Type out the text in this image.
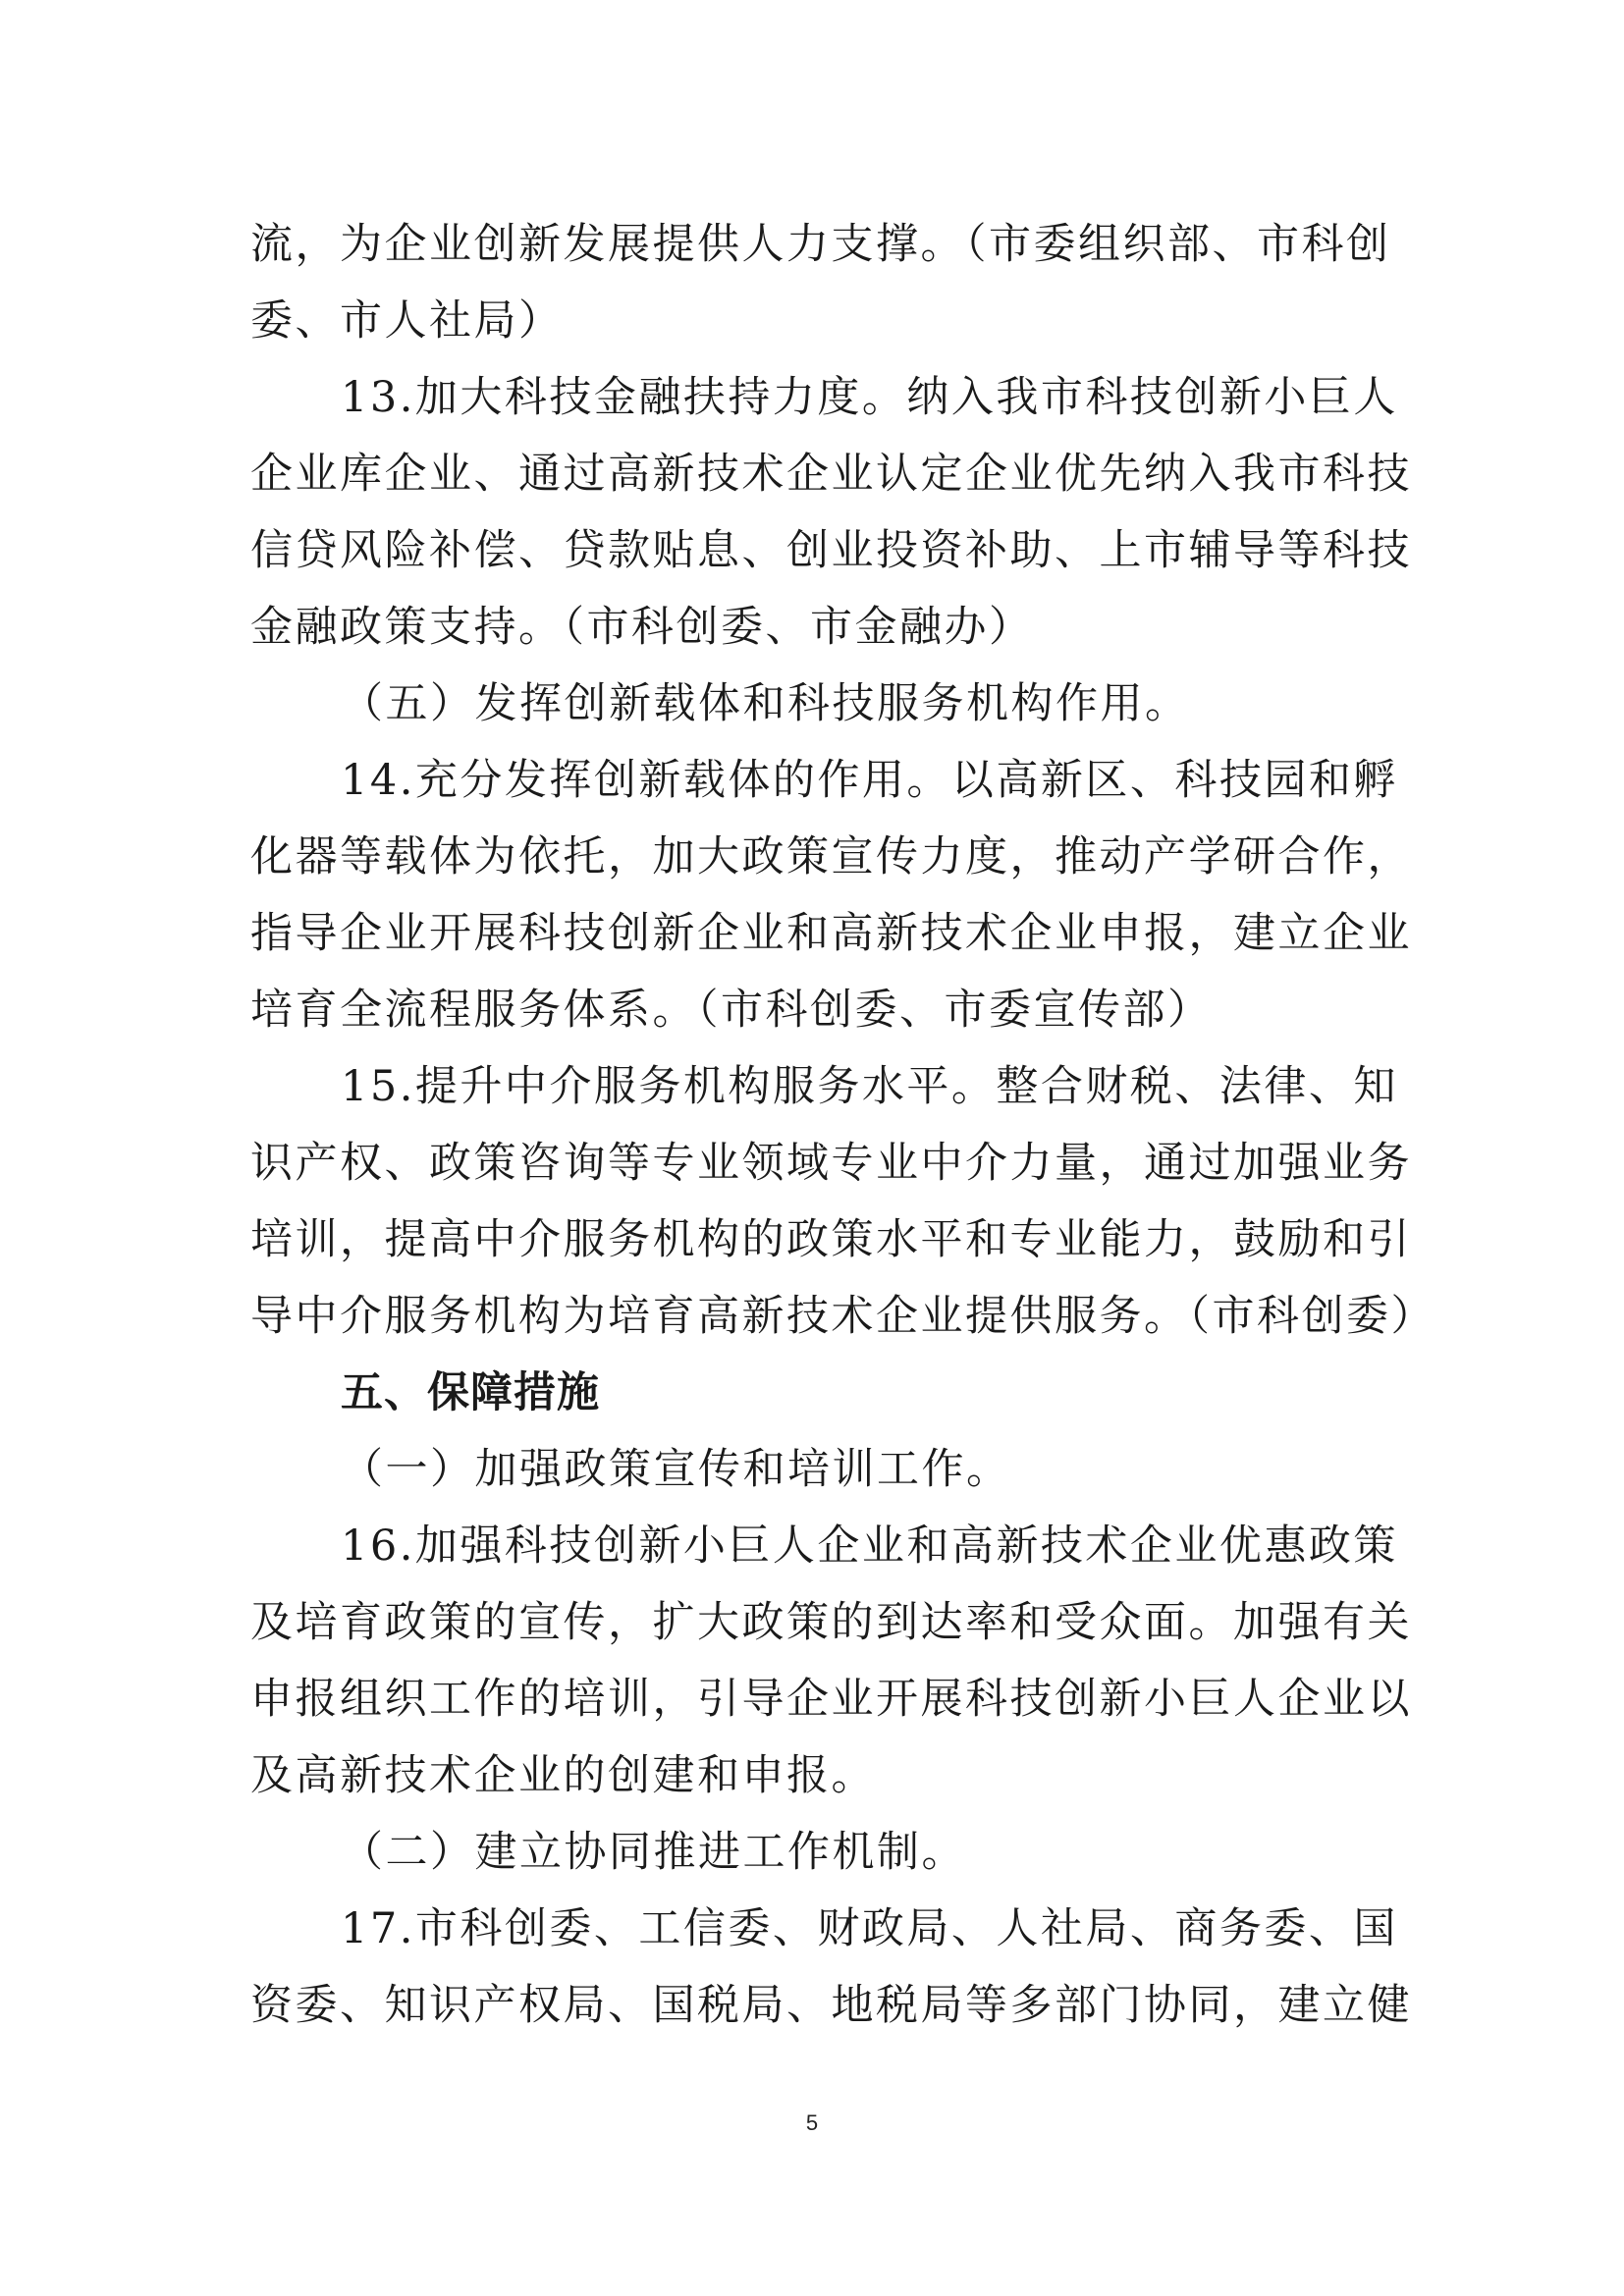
流，为企业创新发展提供人力支撑。（市委组织部、市科创
委、市人社局）
13.加大科技金融扶持力度。纳入我市科技创新小巨人
企业库企业、通过高新技术企业认定企业优先纳入我市科技
信贷风险补偿、贷款贴息、创业投资补助、上市辅导等科技
金融政策支持。（市科创委、市金融办）
（五）发挥创新载体和科技服务机构作用。
14.充分发挥创新载体的作用。以高新区、科技园和孵
化器等载体为依托，加大政策宣传力度，推动产学研合作，
指导企业开展科技创新企业和高新技术企业申报，建立企业
培育全流程服务体系。（市科创委、市委宣传部）
15.提升中介服务机构服务水平。整合财税、法律、知
识产权、政策咨询等专业领域专业中介力量，通过加强业务
培训，提高中介服务机构的政策水平和专业能力，鼓励和引
导中介服务机构为培育高新技术企业提供服务。（市科创委）
五、保障措施
（一）加强政策宣传和培训工作。
16.加强科技创新小巨人企业和高新技术企业优惠政策
及培育政策的宣传，扩大政策的到达率和受众面。加强有关
申报组织工作的培训，引导企业开展科技创新小巨人企业以
及高新技术企业的创建和申报。
（二）建立协同推进工作机制。
17.市科创委、工信委、财政局、人社局、商务委、国
资委、知识产权局、国税局、地税局等多部门协同，建立健
5
